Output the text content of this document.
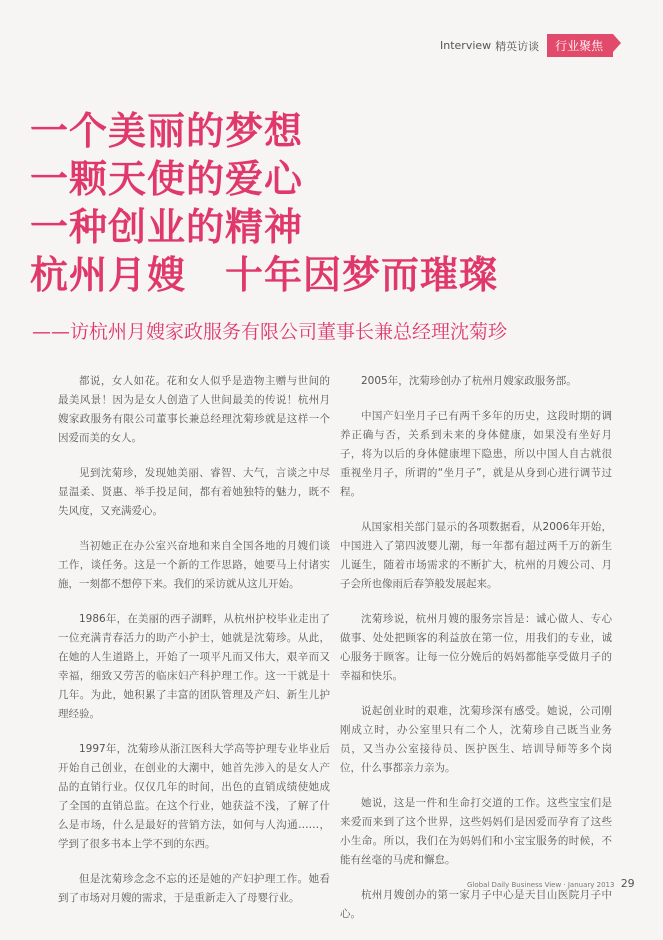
Interview 精英访谈	行业聚焦
一个美丽的梦想
一颗天使的爱心
一种创业的精神
杭州月嫂　十年因梦而璀璨
——访杭州月嫂家政服务有限公司董事长兼总经理沈菊珍

都说，女人如花。花和女人似乎是造物主赠与世间的最美风景！因为是女人创造了人世间最美的传说！杭州月嫂家政服务有限公司董事长兼总经理沈菊珍就是这样一个因爱而美的女人。

见到沈菊珍，发现她美丽、睿智、大气，言谈之中尽显温柔、贤惠、举手投足间，都有着她独特的魅力，既不失风度，又充满爱心。

当初她正在办公室兴奋地和来自全国各地的月嫂们谈工作，谈任务。这是一个新的工作思路，她要马上付诸实施，一刻都不想停下来。我们的采访就从这儿开始。

1986年，在美丽的西子湖畔，从杭州护校毕业走出了一位充满青春活力的助产小护士，她就是沈菊珍。从此，在她的人生道路上，开始了一项平凡而又伟大，艰辛而又幸福，细致又劳苦的临床妇产科护理工作。这一干就是十几年。为此，她积累了丰富的团队管理及产妇、新生儿护理经验。

1997年，沈菊珍从浙江医科大学高等护理专业毕业后开始自己创业，在创业的大潮中，她首先涉入的是女人产品的直销行业。仅仅几年的时间，出色的直销成绩使她成了全国的直销总监。在这个行业，她获益不浅，了解了什么是市场，什么是最好的营销方法，如何与人沟通……，学到了很多书本上学不到的东西。

但是沈菊珍念念不忘的还是她的产妇护理工作。她看到了市场对月嫂的需求，于是重新走入了母婴行业。

2005年，沈菊珍创办了杭州月嫂家政服务部。

中国产妇坐月子已有两千多年的历史，这段时期的调养正确与否，关系到未来的身体健康，如果没有坐好月子，将为以后的身体健康埋下隐患，所以中国人自古就很重视坐月子，所谓的“坐月子”，就是从身到心进行调节过程。

从国家相关部门显示的各项数据看，从2006年开始，中国进入了第四波婴儿潮，每一年都有超过两千万的新生儿诞生，随着市场需求的不断扩大，杭州的月嫂公司、月子会所也像雨后春笋般发展起来。

沈菊珍说，杭州月嫂的服务宗旨是：诚心做人、专心做事、处处把顾客的利益放在第一位，用我们的专业，诚心服务于顾客。让每一位分娩后的妈妈都能享受做月子的幸福和快乐。

说起创业时的艰难，沈菊珍深有感受。她说，公司刚刚成立时，办公室里只有二个人，沈菊珍自己既当业务员，又当办公室接待员、医护医生、培训导师等多个岗位，什么事都亲力亲为。

她说，这是一件和生命打交道的工作。这些宝宝们是来爱而来到了这个世界，这些妈妈们是因爱而孕育了这些小生命。所以，我们在为妈妈们和小宝宝服务的时候，不能有丝毫的马虎和懈怠。

杭州月嫂创办的第一家月子中心是天目山医院月子中心。

Global Daily Business View · January 2013 29
